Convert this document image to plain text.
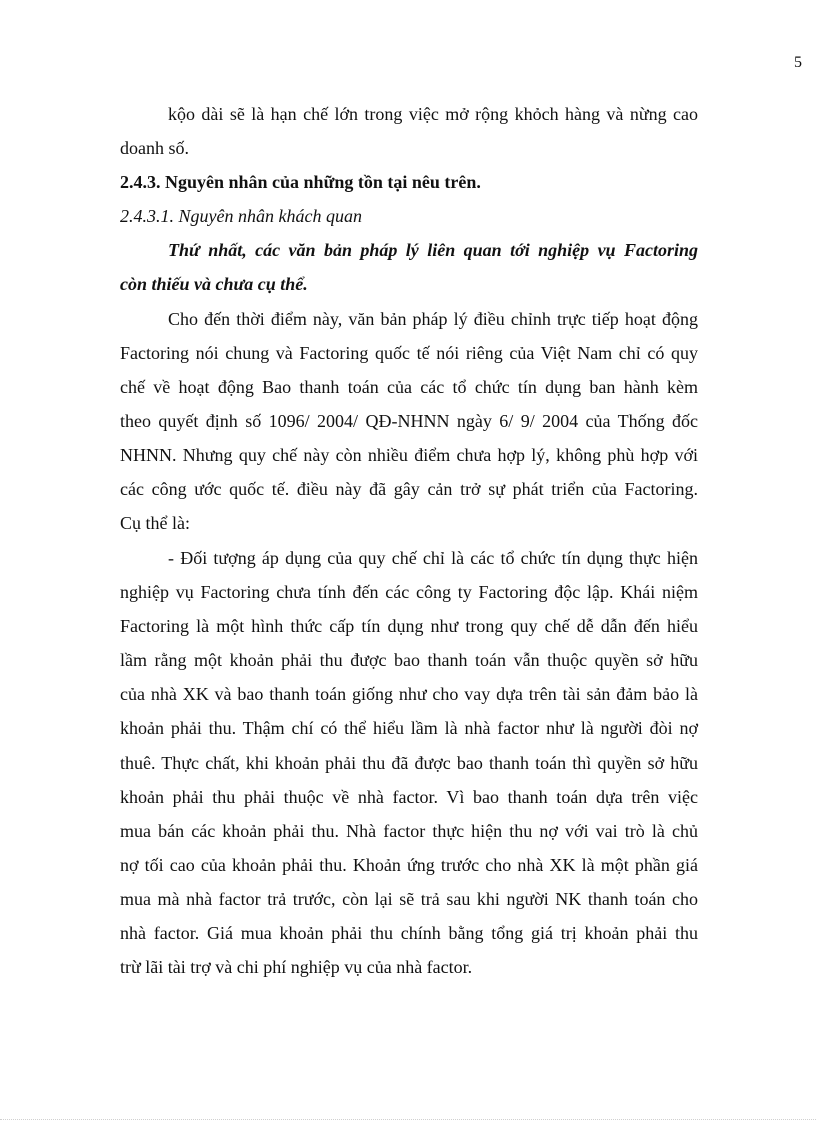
5

kộo dài sẽ là hạn chế lớn trong việc mở rộng khỏch hàng và nừng cao

doanh số.

2.4.3. Nguyên nhân của những tồn tại nêu trên.

2.4.3.1. Nguyên nhân khách quan

Thứ nhất, các văn bản pháp lý liên quan tới nghiệp vụ Factoring

còn thiếu và chưa cụ thể.

Cho đến thời điểm này, văn bản pháp lý điều chỉnh trực tiếp hoạt động

Factoring nói chung và Factoring quốc tế nói riêng của Việt Nam chỉ có quy

chế về hoạt động Bao thanh toán của các tổ chức tín dụng ban hành kèm

theo quyết định số 1096/ 2004/ QĐ-NHNN ngày 6/ 9/ 2004 của Thống đốc

NHNN. Nhưng quy chế này còn nhiều điểm chưa hợp lý, không phù hợp với

các công ước quốc tế. điều này đã gây cản trở sự phát triển của Factoring.

Cụ thể là:

- Đối tượng áp dụng của quy chế chỉ là các tổ chức tín dụng thực hiện

nghiệp vụ Factoring chưa tính đến các công ty Factoring độc lập. Khái niệm

Factoring là một hình thức cấp tín dụng như trong quy chế dễ dẫn đến hiểu

lầm rằng một khoản phải thu được bao thanh toán vẫn thuộc quyền sở hữu

của nhà XK và bao thanh toán giống như cho vay dựa trên tài sản đảm bảo là

khoản phải thu. Thậm chí có thể hiểu lầm là nhà factor như là người đòi nợ

thuê. Thực chất, khi khoản phải thu đã được bao thanh toán thì quyền sở hữu

khoản phải thu phải thuộc về nhà factor. Vì bao thanh toán dựa trên việc

mua bán các khoản phải thu. Nhà factor thực hiện thu nợ với vai trò là chủ

nợ tối cao của khoản phải thu. Khoản ứng trước cho nhà XK là một phần giá

mua mà nhà factor trả trước, còn lại sẽ trả sau khi người NK thanh toán cho

nhà factor. Giá mua khoản phải thu chính bằng tổng giá trị khoản phải thu

trừ lãi tài trợ và chi phí nghiệp vụ của nhà factor.
